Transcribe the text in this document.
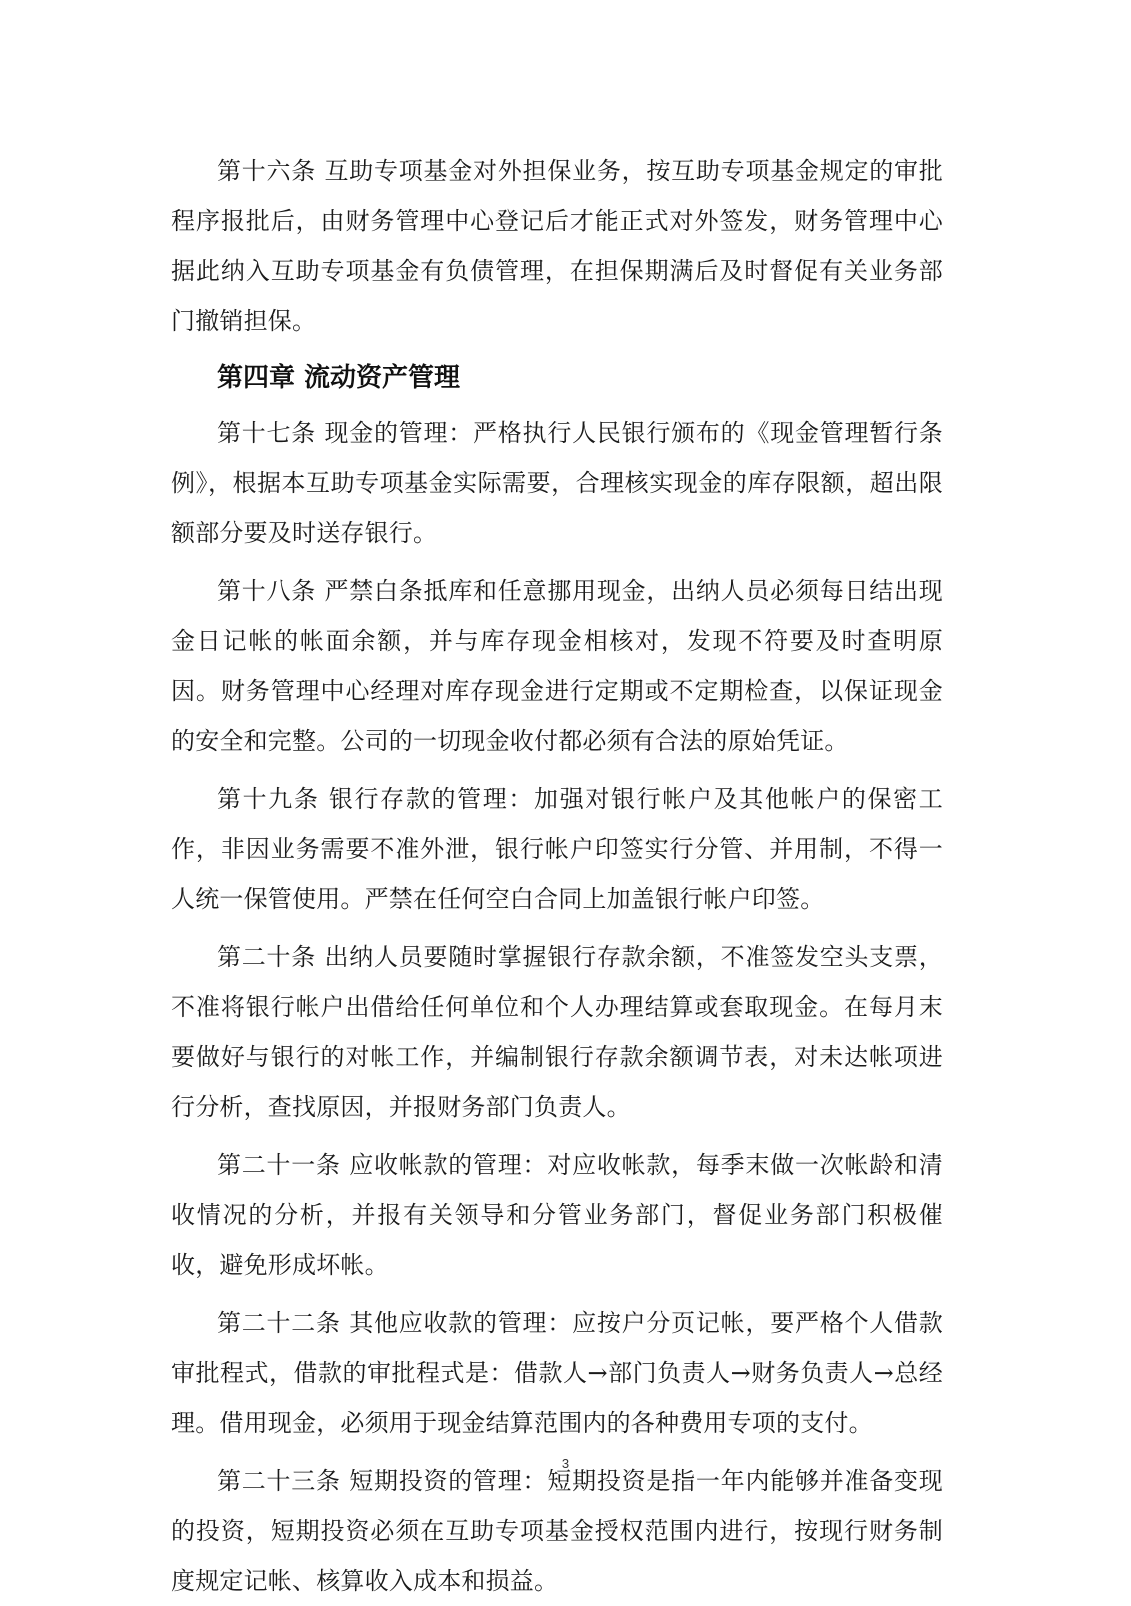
第十六条 互助专项基金对外担保业务，按互助专项基金规定的审批程序报批后，由财务管理中心登记后才能正式对外签发，财务管理中心据此纳入互助专项基金有负债管理，在担保期满后及时督促有关业务部门撤销担保。

第四章 流动资产管理

第十七条 现金的管理：严格执行人民银行颁布的《现金管理暂行条例》，根据本互助专项基金实际需要，合理核实现金的库存限额，超出限额部分要及时送存银行。

第十八条 严禁白条抵库和任意挪用现金，出纳人员必须每日结出现金日记帐的帐面余额，并与库存现金相核对，发现不符要及时查明原因。财务管理中心经理对库存现金进行定期或不定期检查，以保证现金的安全和完整。公司的一切现金收付都必须有合法的原始凭证。

第十九条 银行存款的管理：加强对银行帐户及其他帐户的保密工作，非因业务需要不准外泄，银行帐户印签实行分管、并用制，不得一人统一保管使用。严禁在任何空白合同上加盖银行帐户印签。

第二十条 出纳人员要随时掌握银行存款余额，不准签发空头支票，不准将银行帐户出借给任何单位和个人办理结算或套取现金。在每月末要做好与银行的对帐工作，并编制银行存款余额调节表，对未达帐项进行分析，查找原因，并报财务部门负责人。

第二十一条 应收帐款的管理：对应收帐款，每季末做一次帐龄和清收情况的分析，并报有关领导和分管业务部门，督促业务部门积极催收，避免形成坏帐。

第二十二条 其他应收款的管理：应按户分页记帐，要严格个人借款审批程式，借款的审批程式是：借款人→部门负责人→财务负责人→总经理。借用现金，必须用于现金结算范围内的各种费用专项的支付。

第二十三条 短期投资的管理：短期投资是指一年内能够并准备变现的投资，短期投资必须在互助专项基金授权范围内进行，按现行财务制度规定记帐、核算收入成本和损益。

3
